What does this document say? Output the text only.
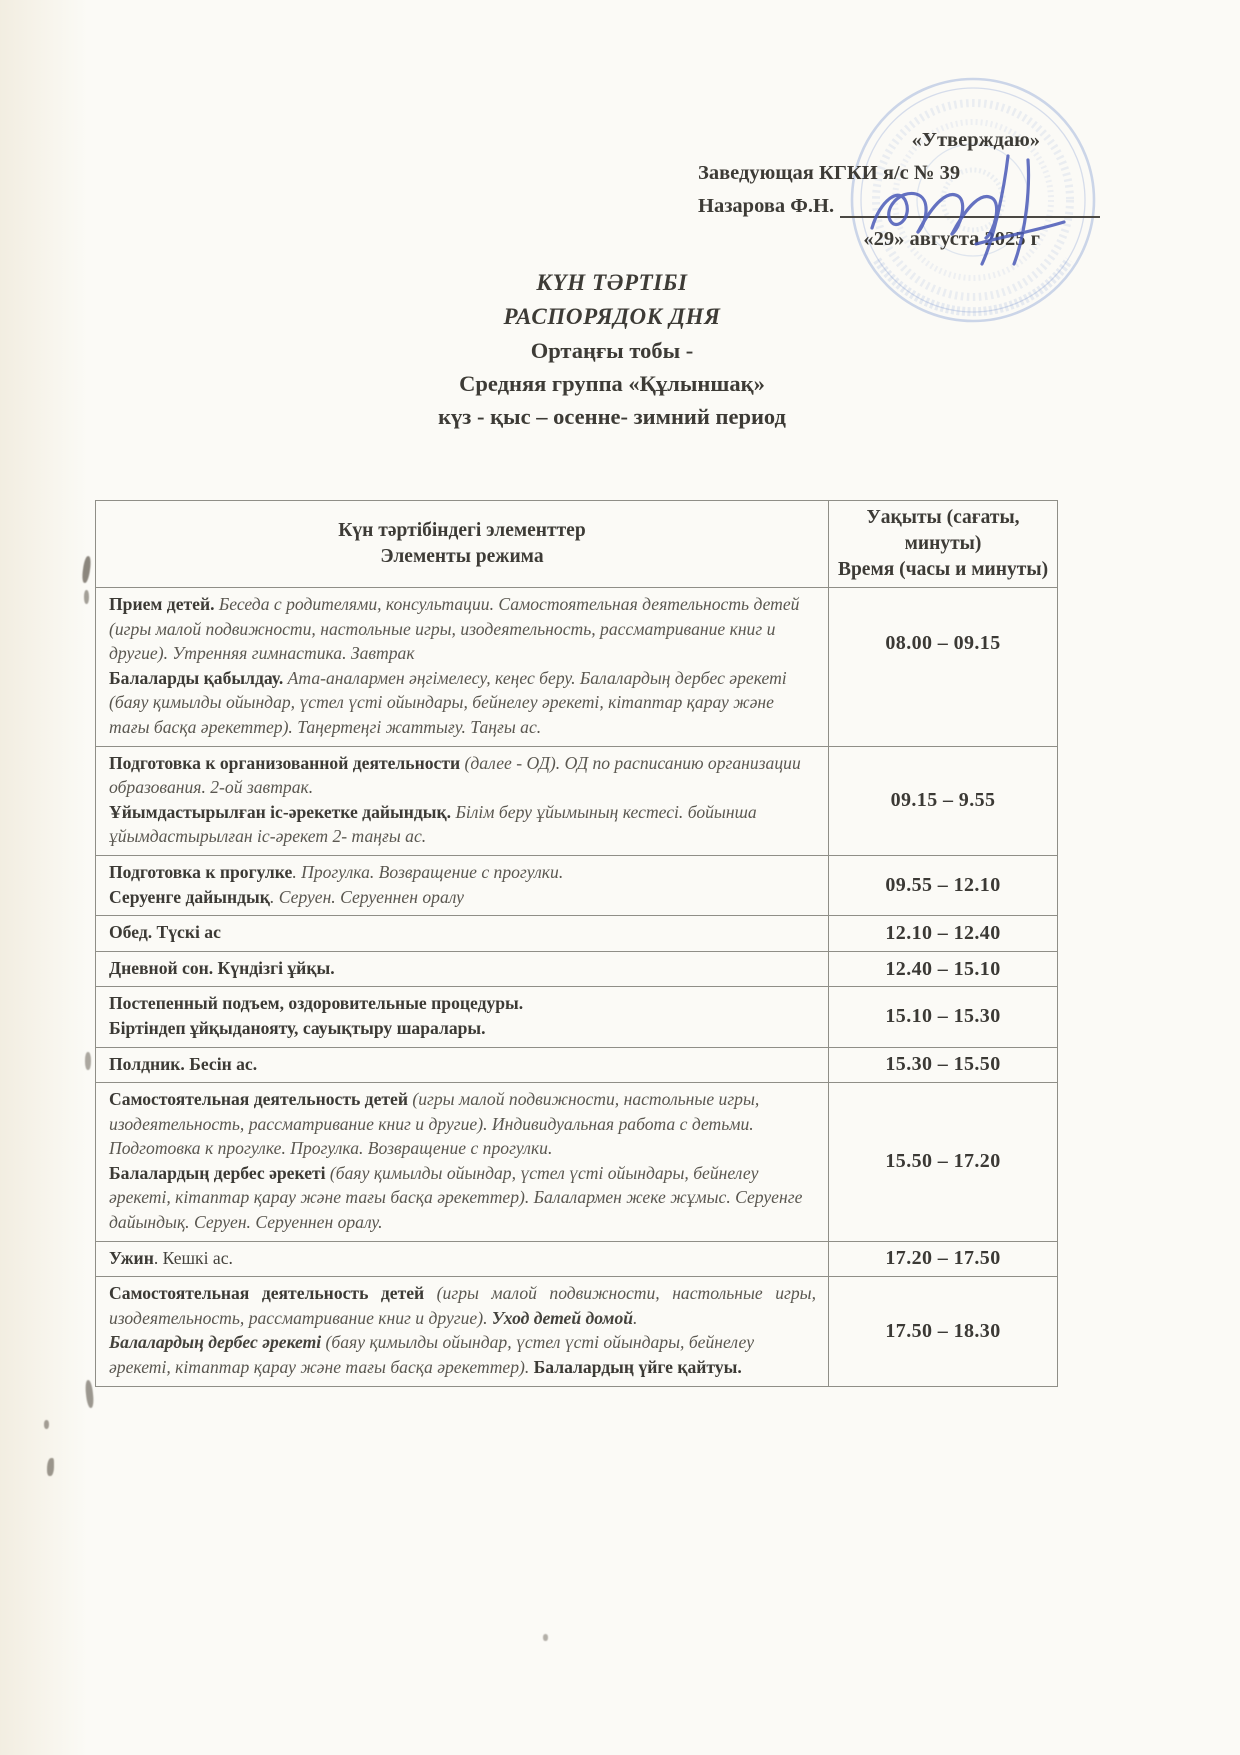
«Утверждаю»
Заведующая КГКИ я/с № 39
Назарова Ф.Н.
«29» августа 2025 г
КҮН ТӘРТІБІ
РАСПОРЯДОК ДНЯ
Ортаңғы тобы -
Средняя группа «Құлыншақ»
күз - қыс – осенне- зимний период
Күн тәртібіндегі элементтер
Элементы режима

Уақыты (сағаты, минуты)
Время (часы и минуты)

Прием детей. Беседа с родителями, консультации. Самостоятельная деятельность детей (игры малой подвижности, настольные игры, изодеятельность, рассматривание книг и другие). Утренняя гимнастика. Завтрак
Балаларды қабылдау. Ата-аналармен әңгімелесу, кеңес беру. Балалардың дербес әрекеті (баяу қимылды ойындар, үстел үсті ойындары, бейнелеу әрекеті, кітаптар қарау және тағы басқа әрекеттер). Таңертеңгі жаттығу. Таңғы ас.	08.00 – 09.15

Подготовка к организованной деятельности (далее - ОД). ОД по расписанию организации образования. 2-ой завтрак.
Ұйымдастырылған іс-әрекетке дайындық. Білім беру ұйымының кестесі. бойынша ұйымдастырылған іс-әрекет 2- таңғы ас.	09.15 – 9.55

Подготовка к прогулке. Прогулка. Возвращение с прогулки.
Серуенге дайындық. Серуен. Серуеннен оралу	09.55 – 12.10

Обед. Түскі ас	12.10 – 12.40

Дневной сон. Күндізгі ұйқы.	12.40 – 15.10

Постепенный подъем, оздоровительные процедуры.
Біртіндеп ұйқыданояту, сауықтыру шаралары.	15.10 – 15.30

Полдник. Бесін ас.	15.30 – 15.50

Самостоятельная деятельность детей (игры малой подвижности, настольные игры, изодеятельность, рассматривание книг и другие). Индивидуальная работа с детьми. Подготовка к прогулке. Прогулка. Возвращение с прогулки.
Балалардың дербес әрекеті (баяу қимылды ойындар, үстел үсті ойындары, бейнелеу әрекеті, кітаптар қарау және тағы басқа әрекеттер). Балалармен жеке жұмыс. Серуенге дайындық. Серуен. Серуеннен оралу.	15.50 – 17.20

Ужин. Кешкі ас.	17.20 – 17.50

Самостоятельная деятельность детей (игры малой подвижности, настольные игры, изодеятельность, рассматривание книг и другие). Уход детей домой.
Балалардың дербес әрекеті (баяу қимылды ойындар, үстел үсті ойындары, бейнелеу әрекеті, кітаптар қарау және тағы басқа әрекеттер). Балалардың үйге қайтуы.	17.50 – 18.30
